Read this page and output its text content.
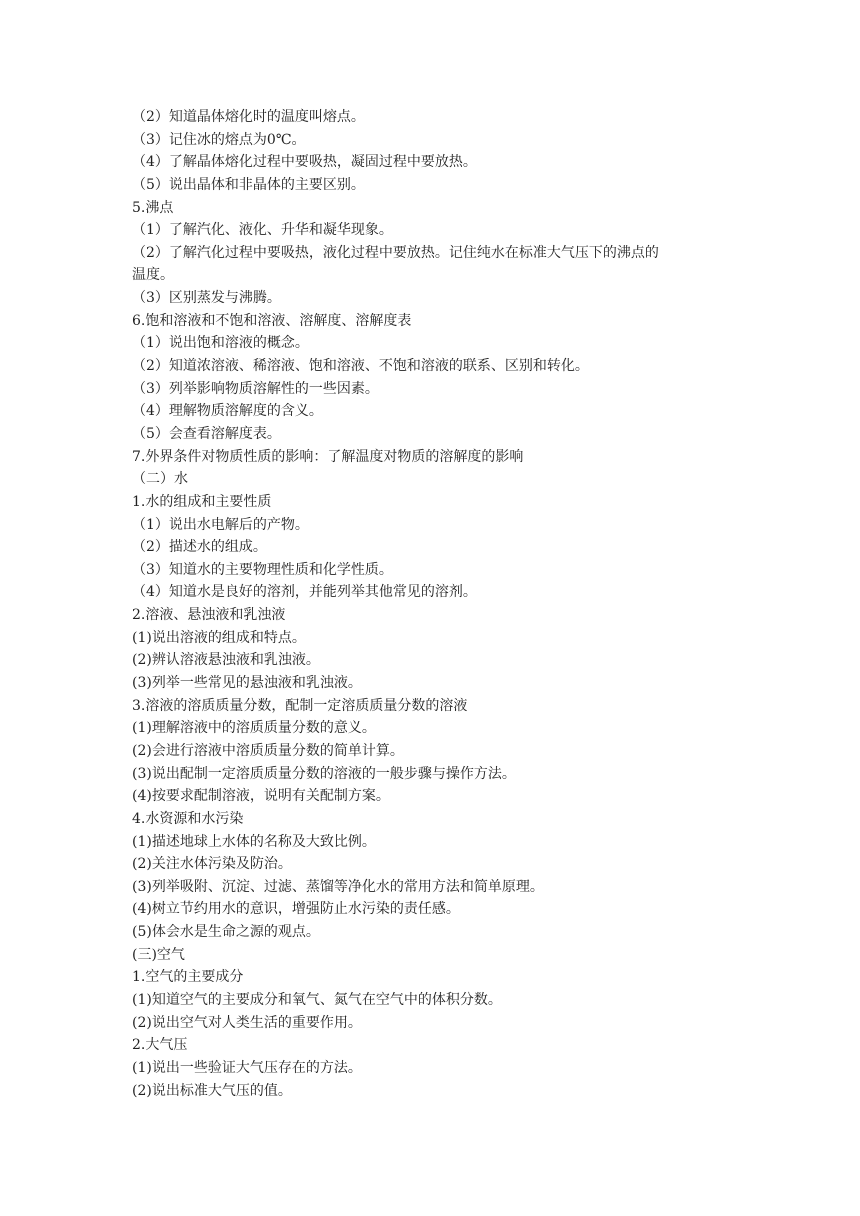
（2）知道晶体熔化时的温度叫熔点。
（3）记住冰的熔点为0℃。
（4）了解晶体熔化过程中要吸热，凝固过程中要放热。
（5）说出晶体和非晶体的主要区别。
5.沸点
（1）了解汽化、液化、升华和凝华现象。
（2）了解汽化过程中要吸热，液化过程中要放热。记住纯水在标准大气压下的沸点的
温度。
（3）区别蒸发与沸腾。
6.饱和溶液和不饱和溶液、溶解度、溶解度表
（1）说出饱和溶液的概念。
（2）知道浓溶液、稀溶液、饱和溶液、不饱和溶液的联系、区别和转化。
（3）列举影响物质溶解性的一些因素。
（4）理解物质溶解度的含义。
（5）会查看溶解度表。
7.外界条件对物质性质的影响：了解温度对物质的溶解度的影响
（二）水
1.水的组成和主要性质
（1）说出水电解后的产物。
（2）描述水的组成。
（3）知道水的主要物理性质和化学性质。
（4）知道水是良好的溶剂，并能列举其他常见的溶剂。
2.溶液、悬浊液和乳浊液
(1)说出溶液的组成和特点。
(2)辨认溶液悬浊液和乳浊液。
(3)列举一些常见的悬浊液和乳浊液。
3.溶液的溶质质量分数，配制一定溶质质量分数的溶液
(1)理解溶液中的溶质质量分数的意义。
(2)会进行溶液中溶质质量分数的简单计算。
(3)说出配制一定溶质质量分数的溶液的一般步骤与操作方法。
(4)按要求配制溶液，说明有关配制方案。
4.水资源和水污染
(1)描述地球上水体的名称及大致比例。
(2)关注水体污染及防治。
(3)列举吸附、沉淀、过滤、蒸馏等净化水的常用方法和简单原理。
(4)树立节约用水的意识，增强防止水污染的责任感。
(5)体会水是生命之源的观点。
(三)空气
1.空气的主要成分
(1)知道空气的主要成分和氧气、氮气在空气中的体积分数。
(2)说出空气对人类生活的重要作用。
2.大气压
(1)说出一些验证大气压存在的方法。
(2)说出标准大气压的值。
